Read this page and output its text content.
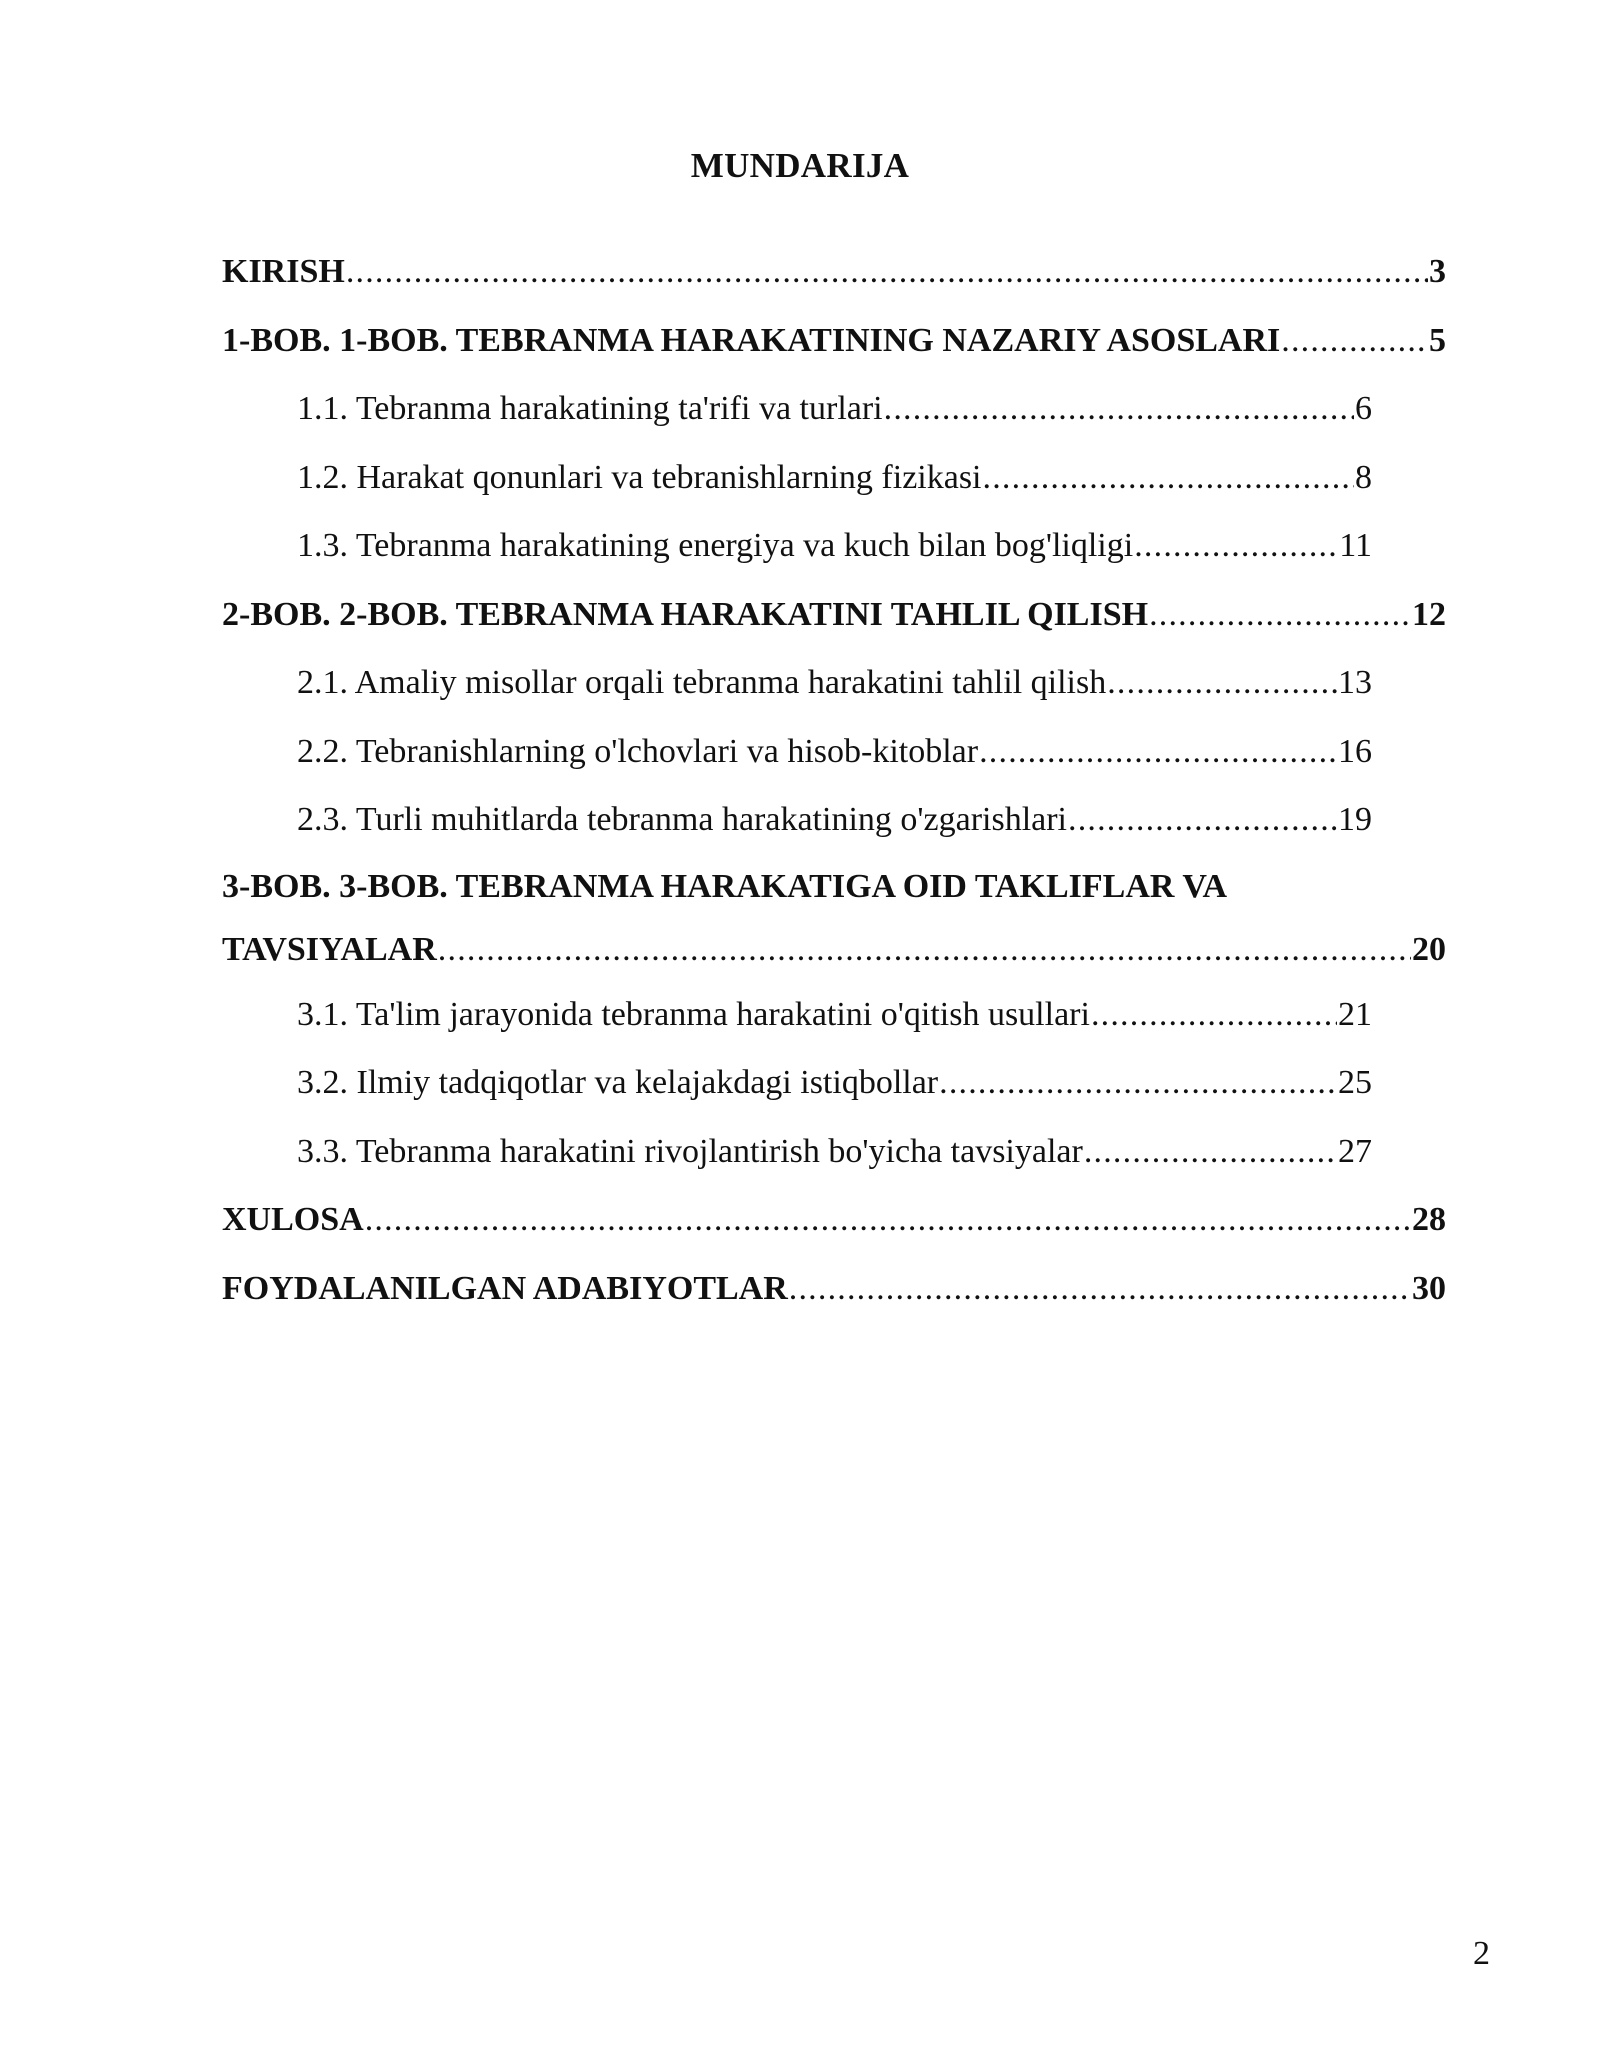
MUNDARIJA
KIRISH .....	3
1-BOB. 1-BOB. TEBRANMA HARAKATINING NAZARIY ASOSLARI .....	5
1.1. Tebranma harakatining ta'rifi va turlari .....	6
1.2. Harakat qonunlari va tebranishlarning fizikasi .....	8
1.3. Tebranma harakatining energiya va kuch bilan bog'liqligi .....	11
2-BOB. 2-BOB. TEBRANMA HARAKATINI TAHLIL QILISH .....	12
2.1. Amaliy misollar orqali tebranma harakatini tahlil qilish .....	13
2.2. Tebranishlarning o'lchovlari va hisob-kitoblar .....	16
2.3. Turli muhitlarda tebranma harakatining o'zgarishlari .....	19
3-BOB. 3-BOB. TEBRANMA HARAKATIGA OID TAKLIFLAR VA
TAVSIYALAR .....	20
3.1. Ta'lim jarayonida tebranma harakatini o'qitish usullari .....	21
3.2. Ilmiy tadqiqotlar va kelajakdagi istiqbollar .....	25
3.3. Tebranma harakatini rivojlantirish bo'yicha tavsiyalar .....	27
XULOSA .....	28
FOYDALANILGAN ADABIYOTLAR .....	30
2
